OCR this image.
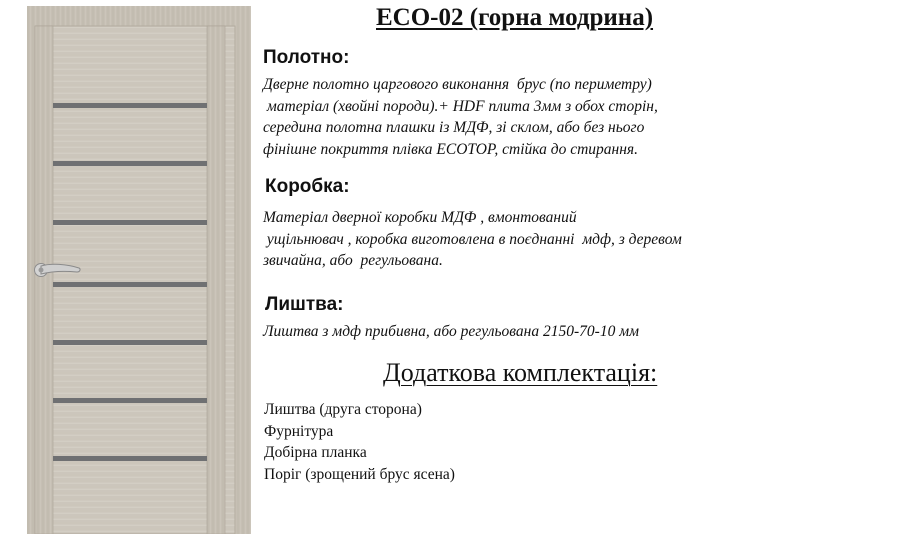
ECO-02 (горна модрина)
Полотно:
Дверне полотно царгового виконання  брус (по периметру)
матеріал (хвойні породи).+ HDF плита 3мм з обох сторін,
середина полотна плашки із МДФ, зі склом, або без нього
фінішне покриття плівка ECOTOP, стійка до стирання.
Коробка:
Матеріал дверної коробки МДФ , вмонтований
ущільнювач , коробка виготовлена в поєднанні  мдф, з деревом
звичайна, або  регульована.
Лиштва:
Лиштва з мдф прибивна, або регульована 2150-70-10 мм
Додаткова комплектація:
Лиштва (друга сторона)
Фурнітура
Добірна планка
Поріг (зрощений брус ясена)
